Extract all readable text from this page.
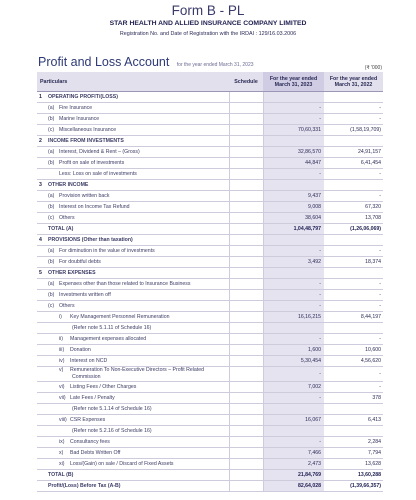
Form B - PL
STAR HEALTH AND ALLIED INSURANCE COMPANY LIMITED
Registration No. and Date of Registration with the IRDAI : 129/16.03.2006
Profit and Loss Account for the year ended March 31, 2023	(₹ '000)
Particulars		Schedule	For the year ended March 31, 2023	For the year ended March 31, 2022
1	OPERATING PROFIT/(LOSS)			
	(a) Fire Insurance		-	-
	(b) Marine Insurance		-	-
	(c) Miscellaneous Insurance		70,60,331	(1,58,19,709)
2	INCOME FROM INVESTMENTS			
	(a) Interest, Dividend & Rent – (Gross)		32,86,570	24,91,157
	(b) Profit on sale of investments		44,847	6,41,454
	Less: Loss on sale of investments		-	-
3	OTHER INCOME			
	(a) Provision written back		9,437	-
	(b) Interest on Income Tax Refund		9,008	67,320
	(c) Others		38,604	13,708
	TOTAL (A)		1,04,48,797	(1,26,06,069)
4	PROVISIONS (Other than taxation)			
	(a) For diminution in the value of investments		-	-
	(b) For doubtful debts		3,492	18,374
5	OTHER EXPENSES			
	(a) Expenses other than those related to Insurance Business		-	-
	(b) Investments written off		-	-
	(c) Others		-	-
	i) Key Management Personnel Remuneration		16,16,215	8,44,197
	(Refer note 5.1.11 of Schedule 16)			
	ii) Management expenses allocated		-	-
	iii) Donation		1,600	10,600
	iv) Interest on NCD		5,30,454	4,56,620
	v) Remuneration To Non-Executive Directors – Profit Related
Commission		-	-
	vi) Listing Fees / Other Charges		7,002	-
	vii) Late Fees / Penalty		-	378
	(Refer note 5.1.14 of Schedule 16)			
	viii) CSR Expenses		16,067	6,413
	(Refer note 5.2.16 of Schedule 16)			
	ix) Consultancy fees		-	2,284
	x) Bad Debts Written Off		7,466	7,794
	xi) Loss/(Gain) on sale / Discard of Fixed Assets		2,473	13,628
	TOTAL (B)		21,84,769	13,60,288
	Profit/(Loss) Before Tax (A-B)		82,64,028	(1,39,66,357)
